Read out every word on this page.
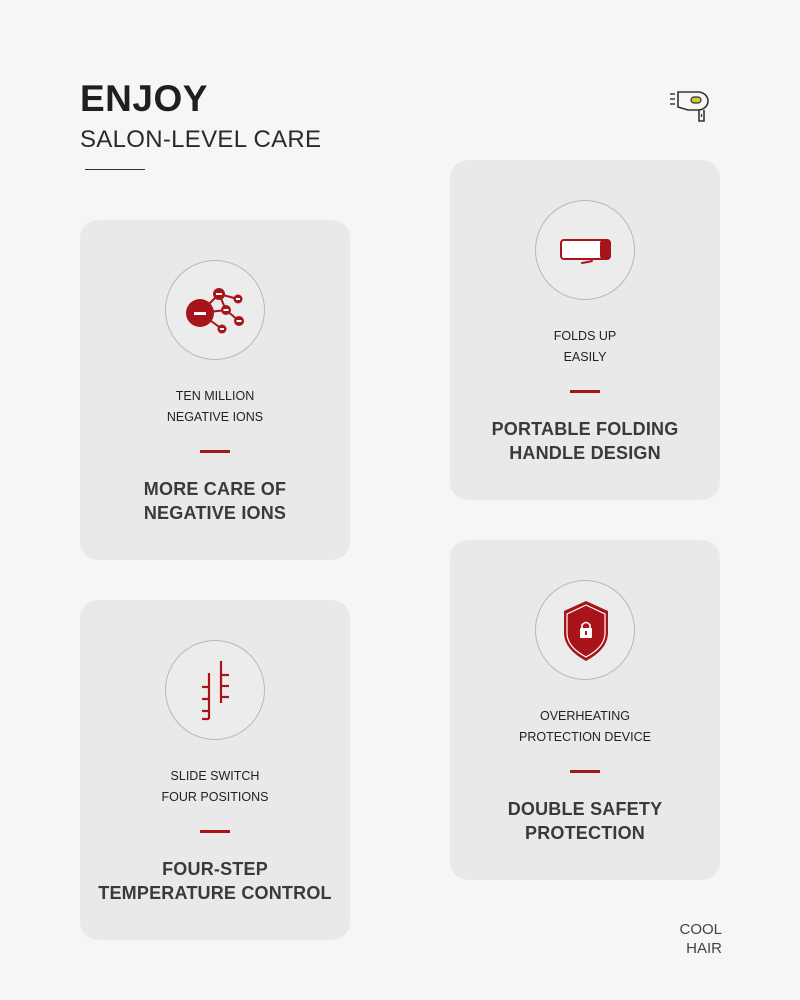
ENJOY
SALON-LEVEL CARE
TEN MILLION
NEGATIVE IONS
MORE CARE OF
NEGATIVE IONS
FOLDS UP
EASILY
PORTABLE FOLDING
HANDLE DESIGN
SLIDE SWITCH
FOUR POSITIONS
FOUR-STEP
TEMPERATURE CONTROL
OVERHEATING
PROTECTION DEVICE
DOUBLE SAFETY
PROTECTION
COOL
HAIR
